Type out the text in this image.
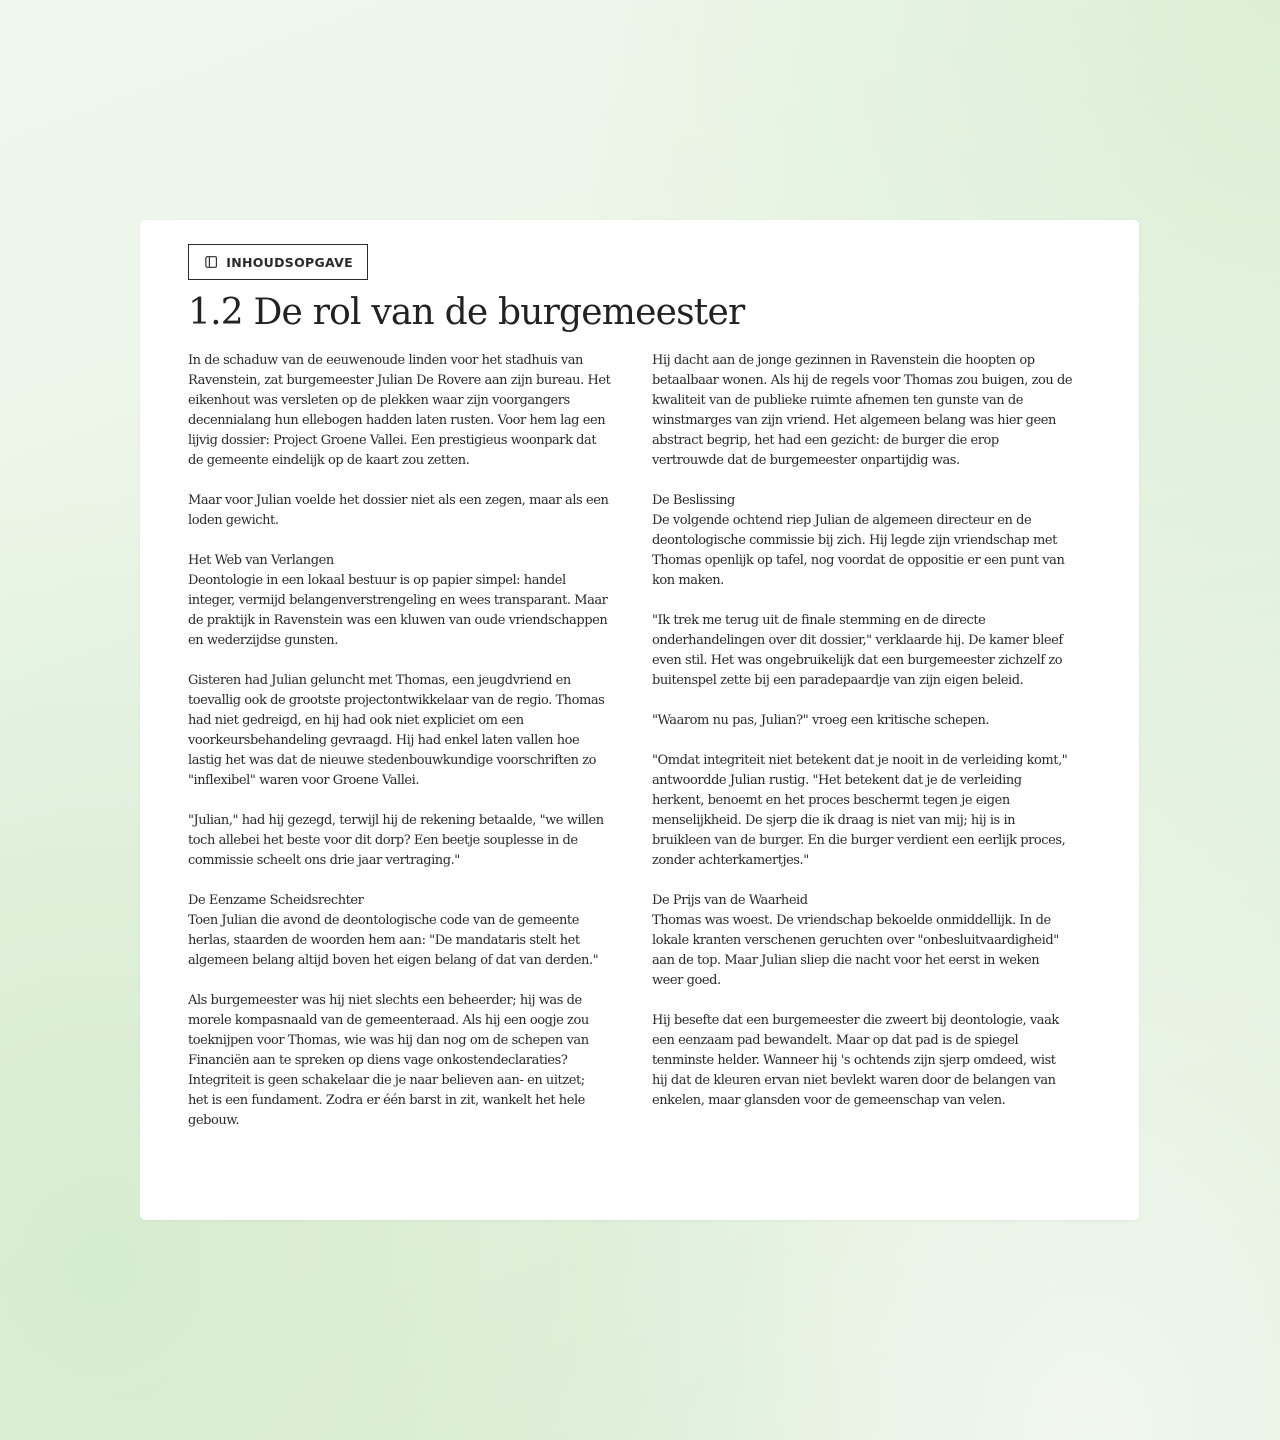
INHOUDSOPGAVE
1.2 De rol van de burgemeester

In de schaduw van de eeuwenoude linden voor het stadhuis van
Ravenstein, zat burgemeester Julian De Rovere aan zijn bureau. Het
eikenhout was versleten op de plekken waar zijn voorgangers
decennialang hun ellebogen hadden laten rusten. Voor hem lag een
lijvig dossier: Project Groene Vallei. Een prestigieus woonpark dat
de gemeente eindelijk op de kaart zou zetten.

Maar voor Julian voelde het dossier niet als een zegen, maar als een
loden gewicht.

Het Web van Verlangen
Deontologie in een lokaal bestuur is op papier simpel: handel
integer, vermijd belangenverstrengeling en wees transparant. Maar
de praktijk in Ravenstein was een kluwen van oude vriendschappen
en wederzijdse gunsten.

Gisteren had Julian geluncht met Thomas, een jeugdvriend en
toevallig ook de grootste projectontwikkelaar van de regio. Thomas
had niet gedreigd, en hij had ook niet expliciet om een
voorkeursbehandeling gevraagd. Hij had enkel laten vallen hoe
lastig het was dat de nieuwe stedenbouwkundige voorschriften zo
"inflexibel" waren voor Groene Vallei.

"Julian," had hij gezegd, terwijl hij de rekening betaalde, "we willen
toch allebei het beste voor dit dorp? Een beetje souplesse in de
commissie scheelt ons drie jaar vertraging."

De Eenzame Scheidsrechter
Toen Julian die avond de deontologische code van de gemeente
herlas, staarden de woorden hem aan: "De mandataris stelt het
algemeen belang altijd boven het eigen belang of dat van derden."

Als burgemeester was hij niet slechts een beheerder; hij was de
morele kompasnaald van de gemeenteraad. Als hij een oogje zou
toeknijpen voor Thomas, wie was hij dan nog om de schepen van
Financiën aan te spreken op diens vage onkostendeclaraties?
Integriteit is geen schakelaar die je naar believen aan- en uitzet;
het is een fundament. Zodra er één barst in zit, wankelt het hele
gebouw.

Hij dacht aan de jonge gezinnen in Ravenstein die hoopten op
betaalbaar wonen. Als hij de regels voor Thomas zou buigen, zou de
kwaliteit van de publieke ruimte afnemen ten gunste van de
winstmarges van zijn vriend. Het algemeen belang was hier geen
abstract begrip, het had een gezicht: de burger die erop
vertrouwde dat de burgemeester onpartijdig was.

De Beslissing
De volgende ochtend riep Julian de algemeen directeur en de
deontologische commissie bij zich. Hij legde zijn vriendschap met
Thomas openlijk op tafel, nog voordat de oppositie er een punt van
kon maken.

"Ik trek me terug uit de finale stemming en de directe
onderhandelingen over dit dossier," verklaarde hij. De kamer bleef
even stil. Het was ongebruikelijk dat een burgemeester zichzelf zo
buitenspel zette bij een paradepaardje van zijn eigen beleid.

"Waarom nu pas, Julian?" vroeg een kritische schepen.

"Omdat integriteit niet betekent dat je nooit in de verleiding komt,"
antwoordde Julian rustig. "Het betekent dat je de verleiding
herkent, benoemt en het proces beschermt tegen je eigen
menselijkheid. De sjerp die ik draag is niet van mij; hij is in
bruikleen van de burger. En die burger verdient een eerlijk proces,
zonder achterkamertjes."

De Prijs van de Waarheid
Thomas was woest. De vriendschap bekoelde onmiddellijk. In de
lokale kranten verschenen geruchten over "onbesluitvaardigheid"
aan de top. Maar Julian sliep die nacht voor het eerst in weken
weer goed.

Hij besefte dat een burgemeester die zweert bij deontologie, vaak
een eenzaam pad bewandelt. Maar op dat pad is de spiegel
tenminste helder. Wanneer hij 's ochtends zijn sjerp omdeed, wist
hij dat de kleuren ervan niet bevlekt waren door de belangen van
enkelen, maar glansden voor de gemeenschap van velen.
